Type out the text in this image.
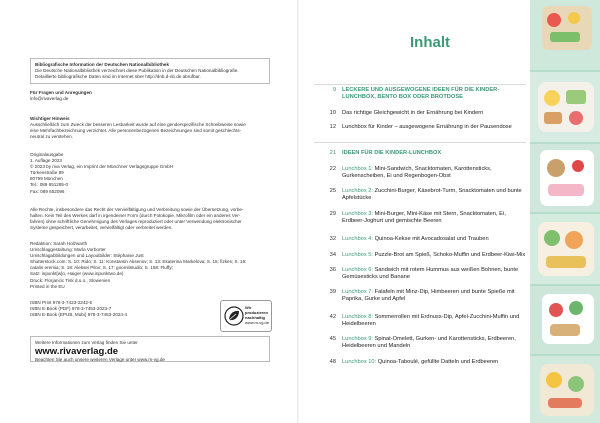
Bibliografische Information der Deutschen Nationalbibliothek

Die Deutsche Nationalbibliothek verzeichnet diese Publikation in der Deutschen Nationalbibliografie.

Detaillierte bibliografische Daten sind im Internet über http://dnb.d-nb.de abrufbar.

Für Fragen und Anregungen

info@rivaverlag.de

Wichtiger Hinweis

Ausschließlich zum Zweck der besseren Lesbarkeit wurde auf eine genderspezifische Schreibweise sowie

eine Mehrfachbezeichnung verzichtet. Alle personenbezogenen Bezeichnungen sind somit geschlechts-

neutral zu verstehen.

Originalausgabe

1. Auflage 2023

© 2023 by riva Verlag, ein Imprint der Münchner Verlagsgruppe GmbH

Türkenstraße 89

80799 München

Tel.: 089 651285-0

Fax: 089 652096

Alle Rechte, insbesondere das Recht der Vervielfältigung und Verbreitung sowie der Übersetzung, vorbe-

halten. Kein Teil des Werkes darf in irgendeiner Form (durch Fotokopie, Mikrofilm oder ein anderes Ver-

fahren) ohne schriftliche Genehmigung des Verlages reproduziert oder unter Verwendung elektronischer

Systeme gespeichert, verarbeitet, vervielfältigt oder verbreitet werden.

Redaktion: Sarah Holzwarth

Umschlaggestaltung: Marla Vorborter

Umschlagabbildungen und Layoutbilder: Stéphanie Just

Shutterstock.com: S. 10: Rido; S. 11: Konstantin Aksenov; S. 13: Ekaterina Markelova; S. 15: fizkes; S. 16:

catalin eremia; S. 18: Aleksei Pilov; S. 17: goomitstudio; S. 158: Fluffy;

Satz: inpunkt[w]o, Haiger (www.inpunktwo.de)

Druck: Florjancic Tisk d.o.o., Slowenien

Printed in the EU

ISBN Print 978-3-7423-2242-5

ISBN E-Book (PDF) 978-3-7453-2023-7

ISBN E-Book (EPUB, Mobi) 978-3-7453-2024-4

Wir produzieren nachhaltig
www.m-vg.de

Weitere Informationen zum Verlag finden Sie unter

www.rivaverlag.de

Beachten Sie auch unsere weiteren Verlage unter www.m-vg.de

Inhalt
9 LECKERE UND AUSGEWOGENE IDEEN FÜR DIE KINDER-LUNCHBOX, BENTO BOX ODER BROTDOSE
10 Das richtige Gleichgewicht in der Ernährung bei Kindern
12 Lunchbox für Kinder – ausgewogene Ernährung in der Pausendose
21 IDEEN FÜR DIE KINDER-LUNCHBOX
22 Lunchbox 1: Mini-Sandwich, Snacktomaten, Karottensticks, Gurkenscheiben, Ei und Regenbogen-Obst
25 Lunchbox 2: Zucchini-Burger, Käsebrot-Turm, Snacktomaten und bunte Apfelstücke
29 Lunchbox 3: Mini-Burger, Mini-Käse mit Stern, Snacktomaten, Ei, Erdbeer-Joghurt und gemischte Beeren
32 Lunchbox 4: Quinoa-Kekse mit Avocadosalat und Trauben
34 Lunchbox 5: Puzzle-Brot am Spieß, Schoko-Muffin und Erdbeer-Kiwi-Mix
36 Lunchbox 6: Sandwich mit rotem Hummus aus weißen Bohnen, bunte Gemüsesticks und Banane
39 Lunchbox 7: Falafeln mit Minz-Dip, Himbeeren und bunte Spieße mit Paprika, Gurke und Apfel
42 Lunchbox 8: Sommerrollen mit Erdnuss-Dip, Apfel-Zucchini-Muffin und Heidelbeeren
45 Lunchbox 9: Spinat-Omelett, Gurken- und Karottensticks, Erdbeeren, Heidelbeeren und Mandeln
48 Lunchbox 10: Quinoa-Taboulé, gefüllte Datteln und Erdbeeren
